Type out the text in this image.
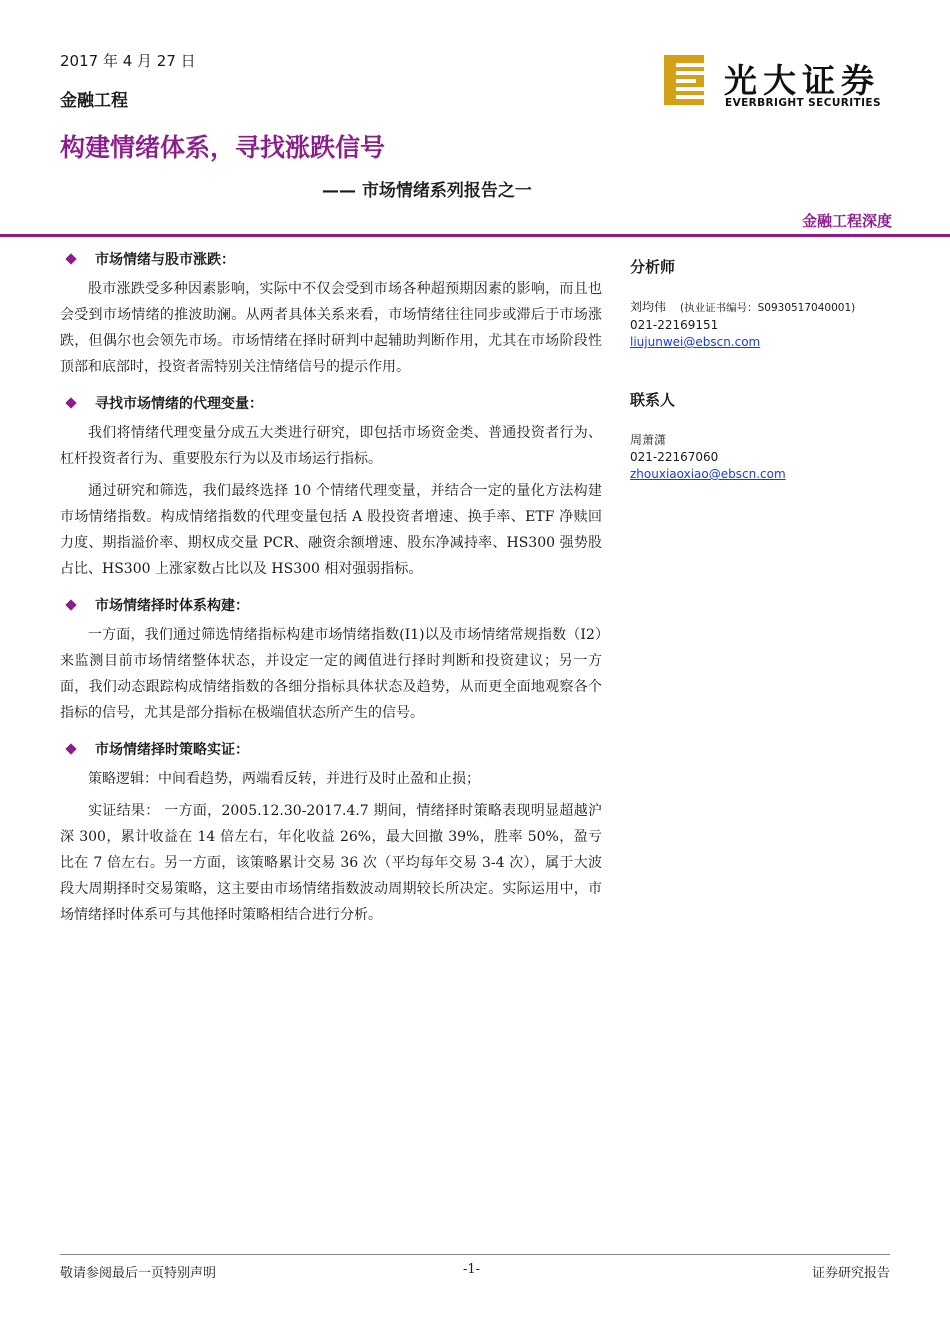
2017 年 4 月 27 日
金融工程
光大证券
EVERBRIGHT SECURITIES
构建情绪体系，寻找涨跌信号
—— 市场情绪系列报告之一
金融工程深度
市场情绪与股市涨跌：

股市涨跌受多种因素影响，实际中不仅会受到市场各种超预期因素的影响，而且也会受到市场情绪的推波助澜。从两者具体关系来看，市场情绪往往同步或滞后于市场涨跌，但偶尔也会领先市场。市场情绪在择时研判中起辅助判断作用，尤其在市场阶段性顶部和底部时，投资者需特别关注情绪信号的提示作用。

寻找市场情绪的代理变量：

我们将情绪代理变量分成五大类进行研究，即包括市场资金类、普通投资者行为、杠杆投资者行为、重要股东行为以及市场运行指标。

通过研究和筛选，我们最终选择 10 个情绪代理变量，并结合一定的量化方法构建市场情绪指数。构成情绪指数的代理变量包括 A 股投资者增速、换手率、ETF 净赎回力度、期指溢价率、期权成交量 PCR、融资余额增速、股东净减持率、HS300 强势股占比、HS300 上涨家数占比以及 HS300 相对强弱指标。

市场情绪择时体系构建：

一方面，我们通过筛选情绪指标构建市场情绪指数(I1)以及市场情绪常规指数（I2）来监测目前市场情绪整体状态，并设定一定的阈值进行择时判断和投资建议；另一方面，我们动态跟踪构成情绪指数的各细分指标具体状态及趋势，从而更全面地观察各个指标的信号，尤其是部分指标在极端值状态所产生的信号。

市场情绪择时策略实证：

策略逻辑：中间看趋势，两端看反转，并进行及时止盈和止损；

实证结果： 一方面，2005.12.30-2017.4.7 期间，情绪择时策略表现明显超越沪深 300，累计收益在 14 倍左右，年化收益 26%，最大回撤 39%，胜率 50%，盈亏比在 7 倍左右。另一方面，该策略累计交易 36 次（平均每年交易 3-4 次），属于大波段大周期择时交易策略，这主要由市场情绪指数波动周期较长所决定。实际运用中，市场情绪择时体系可与其他择时策略相结合进行分析。

分析师
刘均伟 (执业证书编号：S0930517040001)
021-22169151
liujunwei@ebscn.com
联系人
周萧潇
021-22167060
zhouxiaoxiao@ebscn.com
敬请参阅最后一页特别声明	-1-	证券研究报告
